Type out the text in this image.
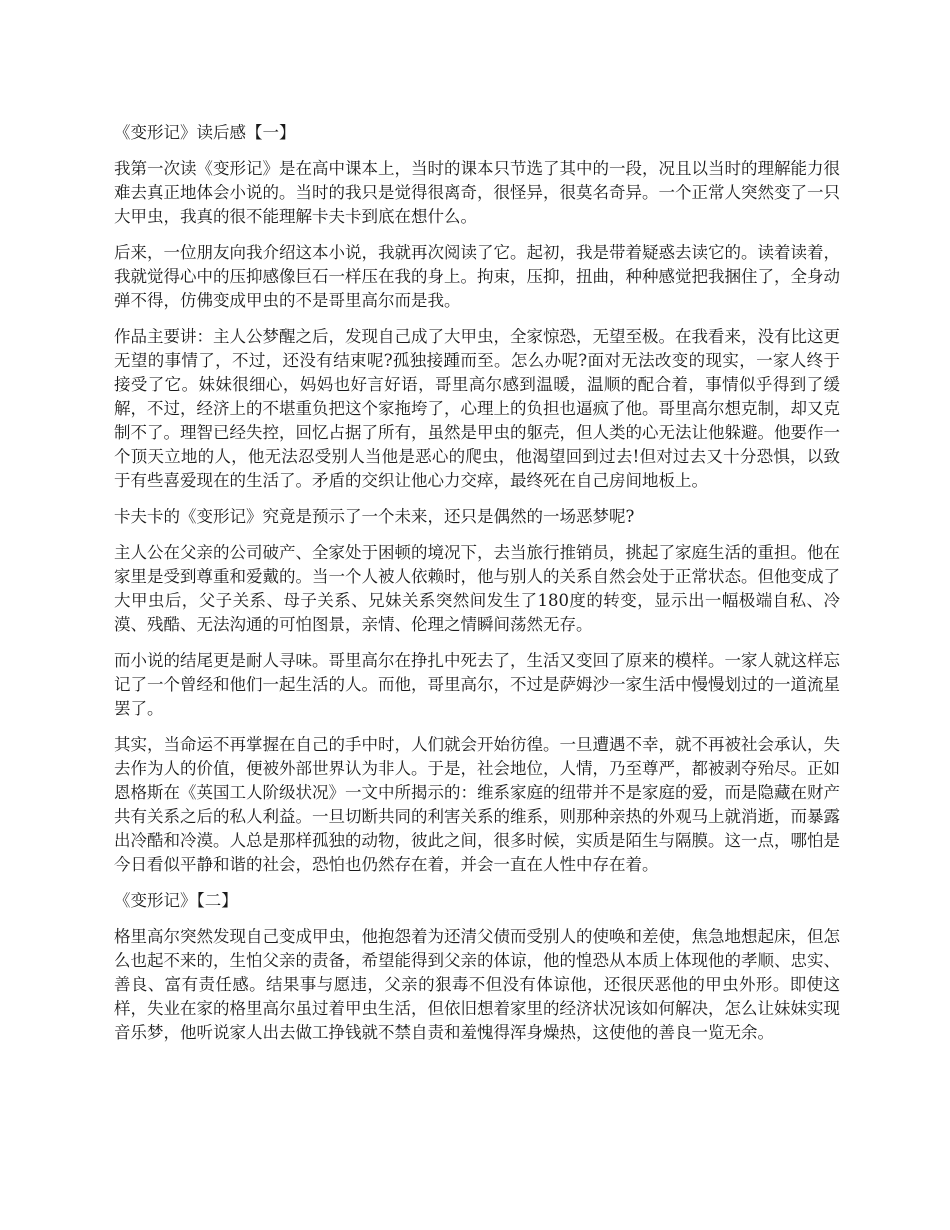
《变形记》读后感【一】

我第一次读《变形记》是在高中课本上，当时的课本只节选了其中的一段，况且以当时的理解能力很难去真正地体会小说的。当时的我只是觉得很离奇，很怪异，很莫名奇异。一个正常人突然变了一只大甲虫，我真的很不能理解卡夫卡到底在想什么。

后来，一位朋友向我介绍这本小说，我就再次阅读了它。起初，我是带着疑惑去读它的。读着读着，我就觉得心中的压抑感像巨石一样压在我的身上。拘束，压抑，扭曲，种种感觉把我捆住了，全身动弹不得，仿佛变成甲虫的不是哥里高尔而是我。

作品主要讲：主人公梦醒之后，发现自己成了大甲虫，全家惊恐，无望至极。在我看来，没有比这更无望的事情了，不过，还没有结束呢?孤独接踵而至。怎么办呢?面对无法改变的现实，一家人终于接受了它。妹妹很细心，妈妈也好言好语，哥里高尔感到温暖，温顺的配合着，事情似乎得到了缓解，不过，经济上的不堪重负把这个家拖垮了，心理上的负担也逼疯了他。哥里高尔想克制，却又克制不了。理智已经失控，回忆占据了所有，虽然是甲虫的躯壳，但人类的心无法让他躲避。他要作一个顶天立地的人，他无法忍受别人当他是恶心的爬虫，他渴望回到过去!但对过去又十分恐惧，以致于有些喜爱现在的生活了。矛盾的交织让他心力交瘁，最终死在自己房间地板上。

卡夫卡的《变形记》究竟是预示了一个未来，还只是偶然的一场恶梦呢?

主人公在父亲的公司破产、全家处于困顿的境况下，去当旅行推销员，挑起了家庭生活的重担。他在家里是受到尊重和爱戴的。当一个人被人依赖时，他与别人的关系自然会处于正常状态。但他变成了大甲虫后，父子关系、母子关系、兄妹关系突然间发生了180度的转变，显示出一幅极端自私、冷漠、残酷、无法沟通的可怕图景，亲情、伦理之情瞬间荡然无存。

而小说的结尾更是耐人寻味。哥里高尔在挣扎中死去了，生活又变回了原来的模样。一家人就这样忘记了一个曾经和他们一起生活的人。而他，哥里高尔，不过是萨姆沙一家生活中慢慢划过的一道流星罢了。

其实，当命运不再掌握在自己的手中时，人们就会开始彷徨。一旦遭遇不幸，就不再被社会承认，失去作为人的价值，便被外部世界认为非人。于是，社会地位，人情，乃至尊严，都被剥夺殆尽。正如恩格斯在《英国工人阶级状况》一文中所揭示的：维系家庭的纽带并不是家庭的爱，而是隐藏在财产共有关系之后的私人利益。一旦切断共同的利害关系的维系，则那种亲热的外观马上就消逝，而暴露出冷酷和冷漠。人总是那样孤独的动物，彼此之间，很多时候，实质是陌生与隔膜。这一点，哪怕是今日看似平静和谐的社会，恐怕也仍然存在着，并会一直在人性中存在着。

《变形记》【二】

格里高尔突然发现自己变成甲虫，他抱怨着为还清父债而受别人的使唤和差使，焦急地想起床，但怎么也起不来的，生怕父亲的责备，希望能得到父亲的体谅，他的惶恐从本质上体现他的孝顺、忠实、善良、富有责任感。结果事与愿违，父亲的狠毒不但没有体谅他，还很厌恶他的甲虫外形。即使这样，失业在家的格里高尔虽过着甲虫生活，但依旧想着家里的经济状况该如何解决，怎么让妹妹实现音乐梦，他听说家人出去做工挣钱就不禁自责和羞愧得浑身燥热，这使他的善良一览无余。
